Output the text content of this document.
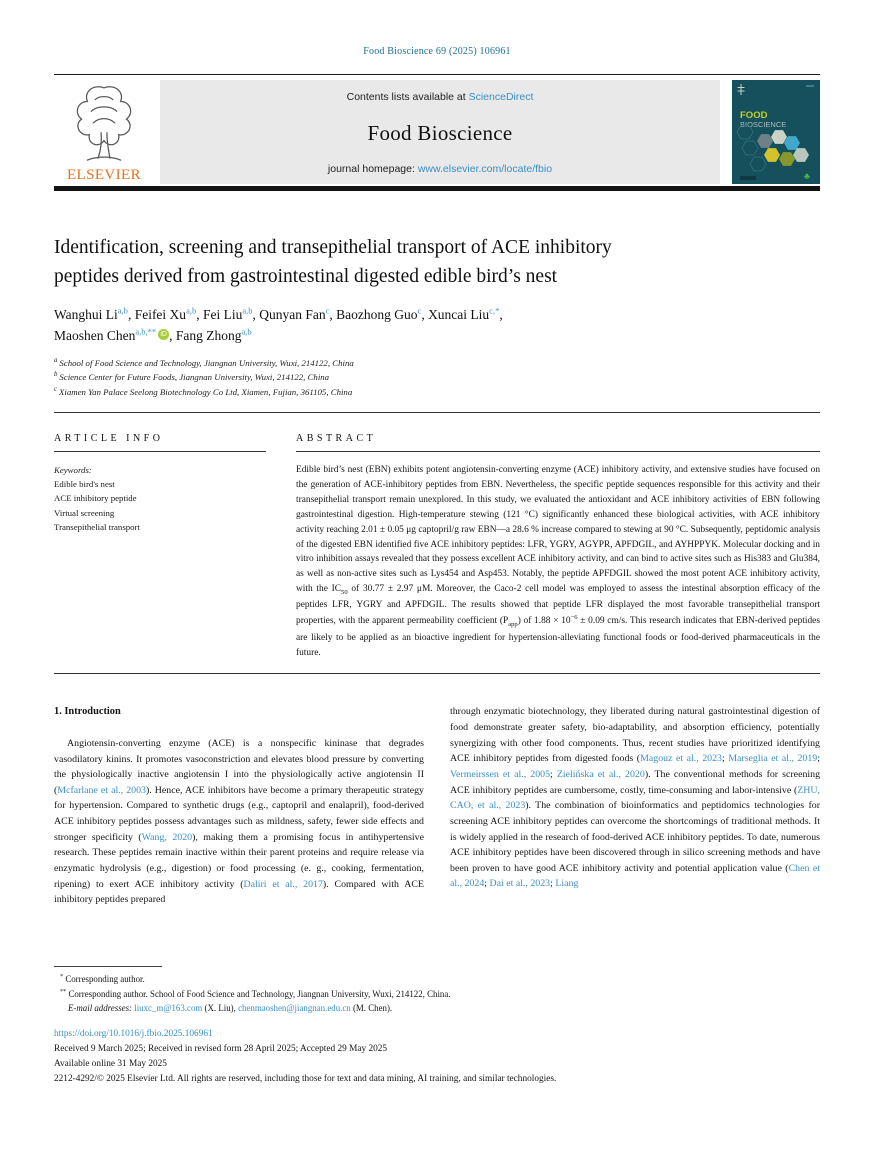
Food Bioscience 69 (2025) 106961
ELSEVIER
Contents lists available at ScienceDirect
Food Bioscience
journal homepage: www.elsevier.com/locate/fbio
FOOD
BIOSCIENCE
♣
Identification, screening and transepithelial transport of ACE inhibitory
peptides derived from gastrointestinal digested edible bird’s nest
Wanghui Li$^{a,b}$, Feifei Xu$^{a,b}$, Fei Liu$^{a,b}$, Qunyan Fan$^c$, Baozhong Guo$^c$, Xuncai Liu$^{c,*}$,
Maoshen Chen$^{a,b,**}$ iD , Fang Zhong$^{a,b}$
$^a$ School of Food Science and Technology, Jiangnan University, Wuxi, 214122, China
$^b$ Science Center for Future Foods, Jiangnan University, Wuxi, 214122, China
$^c$ Xiamen Yan Palace Seelong Biotechnology Co Ltd, Xiamen, Fujian, 361105, China
ARTICLE INFO
Keywords:
Edible bird's nest
ACE inhibitory peptide
Virtual screening
Transepithelial transport
ABSTRACT
Edible bird’s nest (EBN) exhibits potent angiotensin-converting enzyme (ACE) inhibitory activity, and extensive studies have focused on the generation of ACE-inhibitory peptides from EBN. Nevertheless, the specific peptide sequences responsible for this activity and their transepithelial transport remain unexplored. In this study, we evaluated the antioxidant and ACE inhibitory activities of EBN following gastrointestinal digestion. High-temperature stewing (121 °C) significantly enhanced these biological activities, with ACE inhibitory activity reaching 2.01 ± 0.05 μg captopril/g raw EBN—a 28.6 % increase compared to stewing at 90 °C. Subsequently, peptidomic analysis of the digested EBN identified five ACE inhibitory peptides: LFR, YGRY, AGYPR, APFDGIL, and AYHPPYK. Molecular docking and in vitro inhibition assays revealed that they possess excellent ACE inhibitory activity, and can bind to active sites such as His383 and Glu384, as well as non-active sites such as Lys454 and Asp453. Notably, the peptide APFDGIL showed the most potent ACE inhibitory activity, with the $IC_{50}$ of 30.77 ± 2.97 μM. Moreover, the Caco-2 cell model was employed to assess the intestinal absorption efficacy of the peptides LFR, YGRY and APFDGIL. The results showed that peptide LFR displayed the most favorable transepithelial transport properties, with the apparent permeability coefficient $(P_{app})$ of $1.88 \times 10^{-6} \pm 0.09$ cm/s. This research indicates that EBN-derived peptides are likely to be applied as an bioactive ingredient for hypertension-alleviating functional foods or food-derived pharmaceuticals in the future.
1. Introduction
Angiotensin-converting enzyme (ACE) is a nonspecific kininase that degrades vasodilatory kinins. It promotes vasoconstriction and elevates blood pressure by converting the physiologically inactive angiotensin I into the physiologically active angiotensin II (Mcfarlane et al., 2003). Hence, ACE inhibitors have become a primary therapeutic strategy for hypertension. Compared to synthetic drugs (e.g., captopril and enalapril), food-derived ACE inhibitory peptides possess advantages such as mildness, safety, fewer side effects and stronger specificity (Wang, 2020), making them a promising focus in antihypertensive research. These peptides remain inactive within their parent proteins and require release via enzymatic hydrolysis (e.g., digestion) or food processing (e. g., cooking, fermentation, ripening) to exert ACE inhibitory activity (Daliri et al., 2017). Compared with ACE inhibitory peptides prepared
through enzymatic biotechnology, they liberated during natural gastrointestinal digestion of food demonstrate greater safety, bio-adaptability, and absorption efficiency, potentially synergizing with other food components. Thus, recent studies have prioritized identifying ACE inhibitory peptides from digested foods (Magouz et al., 2023; Marseglia et al., 2019; Vermeirssen et al., 2005; Zielińska et al., 2020). The conventional methods for screening ACE inhibitory peptides are cumbersome, costly, time-consuming and labor-intensive (ZHU, CAO, et al., 2023). The combination of bioinformatics and peptidomics technologies for screening ACE inhibitory peptides can overcome the shortcomings of traditional methods. It is widely applied in the research of food-derived ACE inhibitory peptides. To date, numerous ACE inhibitory peptides have been discovered through in silico screening methods and have been proven to have good ACE inhibitory activity and potential application value (Chen et al., 2024; Dai et al., 2023; Liang
* Corresponding author.
** Corresponding author. School of Food Science and Technology, Jiangnan University, Wuxi, 214122, China.
E-mail addresses: liuxc_m@163.com (X. Liu), chenmaoshen@jiangnan.edu.cn (M. Chen).
https://doi.org/10.1016/j.fbio.2025.106961
Received 9 March 2025; Received in revised form 28 April 2025; Accepted 29 May 2025
Available online 31 May 2025
2212-4292/© 2025 Elsevier Ltd. All rights are reserved, including those for text and data mining, AI training, and similar technologies.
